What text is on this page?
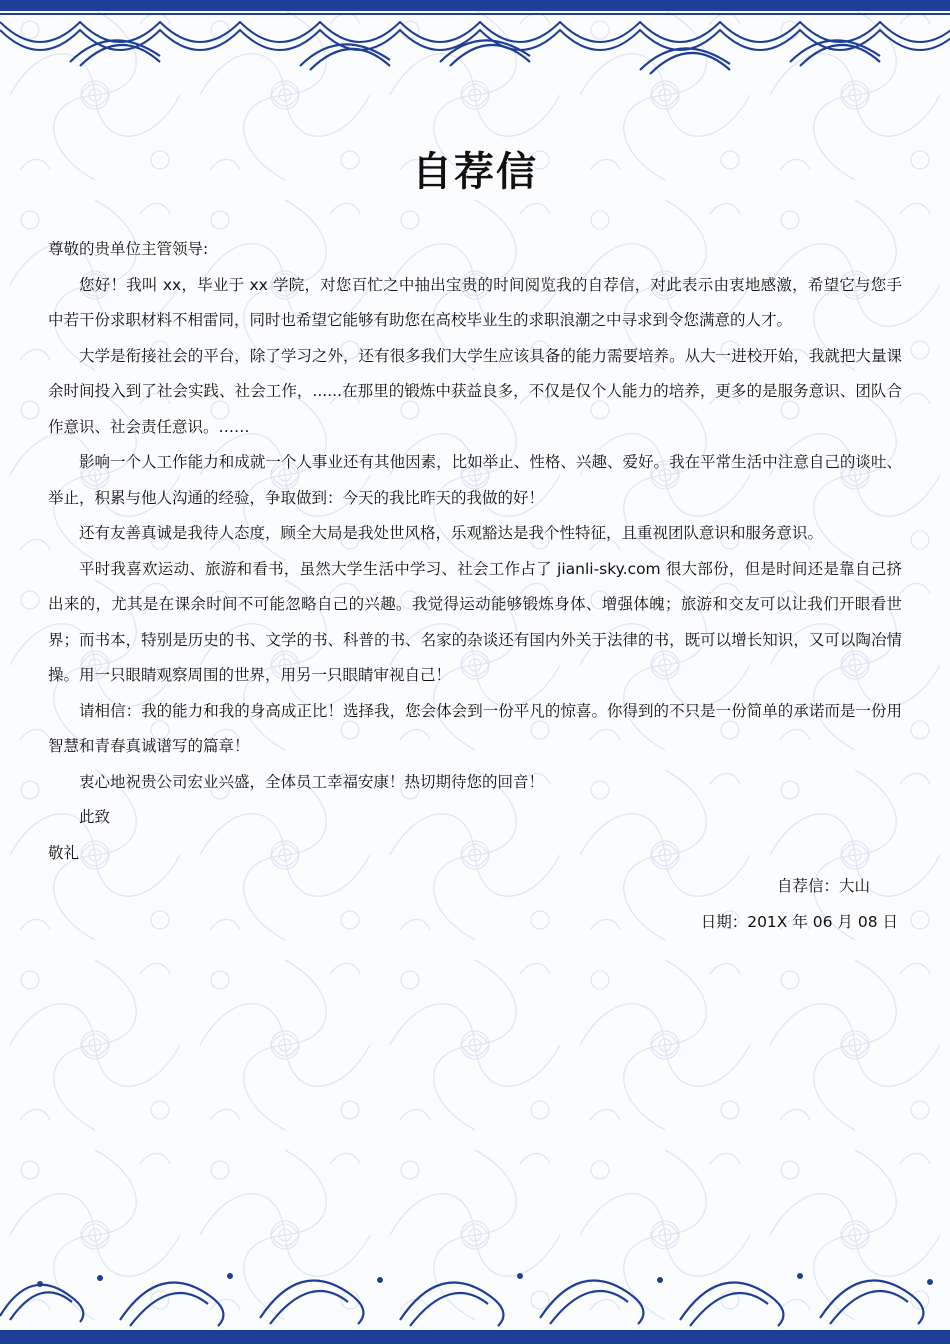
自荐信

尊敬的贵单位主管领导:

您好！我叫 xx，毕业于 xx 学院，对您百忙之中抽出宝贵的时间阅览我的自荐信，对此表示由衷地感激，希望它与您手中若干份求职材料不相雷同，同时也希望它能够有助您在高校毕业生的求职浪潮之中寻求到令您满意的人才。

大学是衔接社会的平台，除了学习之外，还有很多我们大学生应该具备的能力需要培养。从大一进校开始，我就把大量课余时间投入到了社会实践、社会工作，......在那里的锻炼中获益良多，不仅是仅个人能力的培养，更多的是服务意识、团队合作意识、社会责任意识。……

影响一个人工作能力和成就一个人事业还有其他因素，比如举止、性格、兴趣、爱好。我在平常生活中注意自己的谈吐、举止，积累与他人沟通的经验，争取做到：今天的我比昨天的我做的好！

还有友善真诚是我待人态度，顾全大局是我处世风格，乐观豁达是我个性特征，且重视团队意识和服务意识。

平时我喜欢运动、旅游和看书，虽然大学生活中学习、社会工作占了 jianli-sky.com 很大部份，但是时间还是靠自己挤出来的，尤其是在课余时间不可能忽略自己的兴趣。我觉得运动能够锻炼身体、增强体魄；旅游和交友可以让我们开眼看世界；而书本，特别是历史的书、文学的书、科普的书、名家的杂谈还有国内外关于法律的书，既可以增长知识，又可以陶冶情操。用一只眼睛观察周围的世界，用另一只眼睛审视自己！

请相信：我的能力和我的身高成正比！选择我，您会体会到一份平凡的惊喜。你得到的不只是一份简单的承诺而是一份用智慧和青春真诚谱写的篇章！

衷心地祝贵公司宏业兴盛，全体员工幸福安康！热切期待您的回音！

此致

敬礼

自荐信：大山
日期：201X 年 06 月 08 日
